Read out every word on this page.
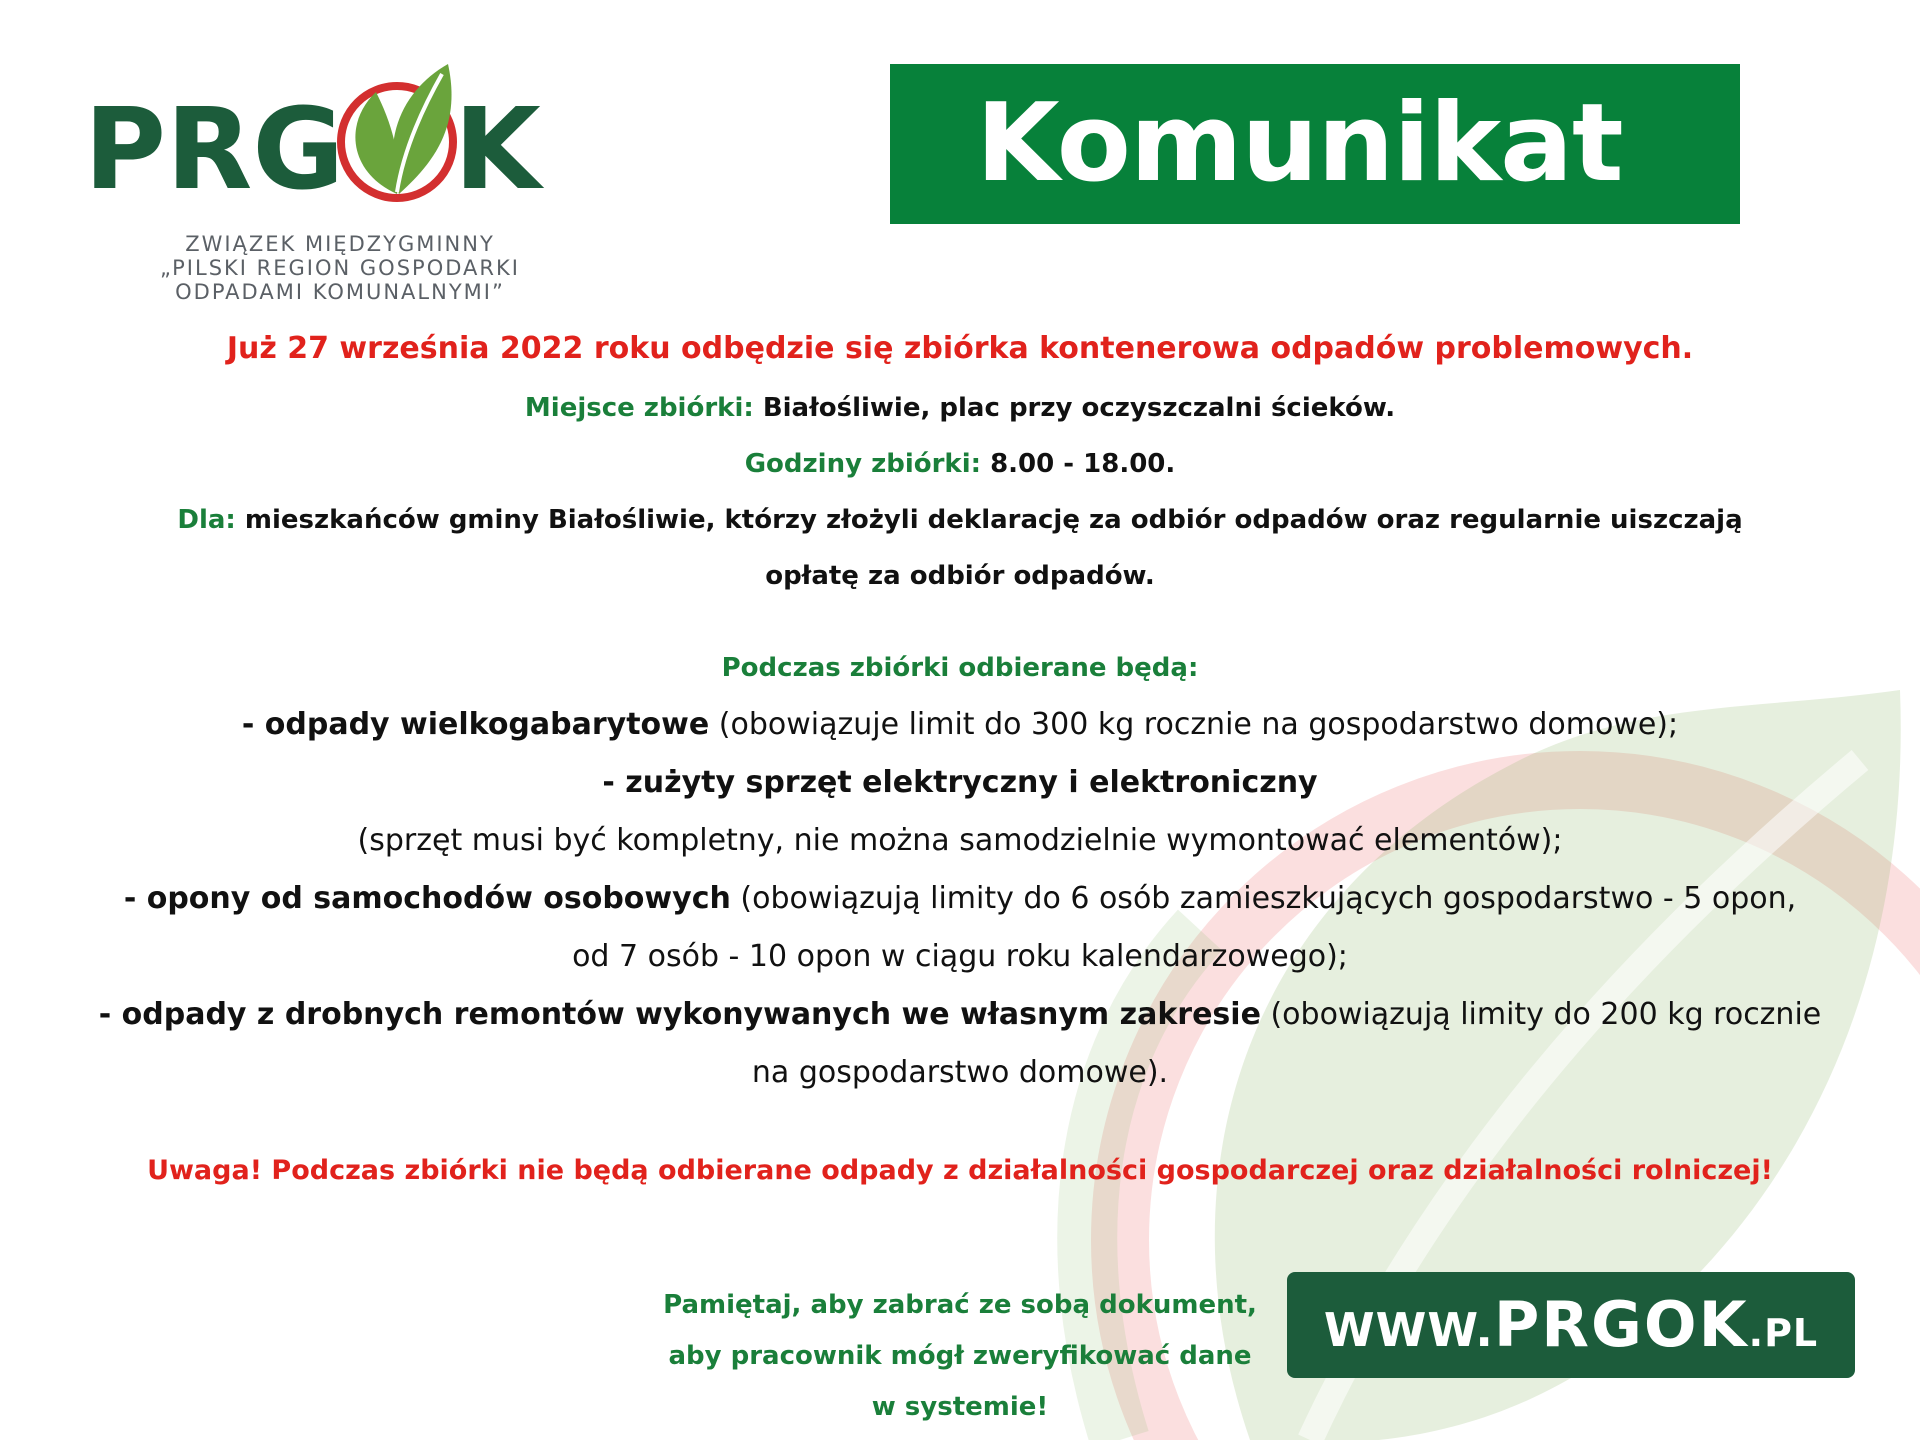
PRG K
ZWIĄZEK MIĘDZYGMINNY
„PILSKI REGION GOSPODARKI
ODPADAMI KOMUNALNYMI”
Komunikat

Już 27 września 2022 roku odbędzie się zbiórka kontenerowa odpadów problemowych.

Miejsce zbiórki: Białośliwie, plac przy oczyszczalni ścieków.

Godziny zbiórki: 8.00 - 18.00.

Dla: mieszkańców gminy Białośliwie, którzy złożyli deklarację za odbiór odpadów oraz regularnie uiszczają

opłatę za odbiór odpadów.

Podczas zbiórki odbierane będą:

- odpady wielkogabarytowe (obowiązuje limit do 300 kg rocznie na gospodarstwo domowe);

- zużyty sprzęt elektryczny i elektroniczny

(sprzęt musi być kompletny, nie można samodzielnie wymontować elementów);

- opony od samochodów osobowych (obowiązują limity do 6 osób zamieszkujących gospodarstwo - 5 opon,

od 7 osób - 10 opon w ciągu roku kalendarzowego);

- odpady z drobnych remontów wykonywanych we własnym zakresie (obowiązują limity do 200 kg rocznie

na gospodarstwo domowe).

Uwaga! Podczas zbiórki nie będą odbierane odpady z działalności gospodarczej oraz działalności rolniczej!

Pamiętaj, aby zabrać ze sobą dokument,
aby pracownik mógł zweryfikować dane
w systemie!
WWW.PRGOK.PL
